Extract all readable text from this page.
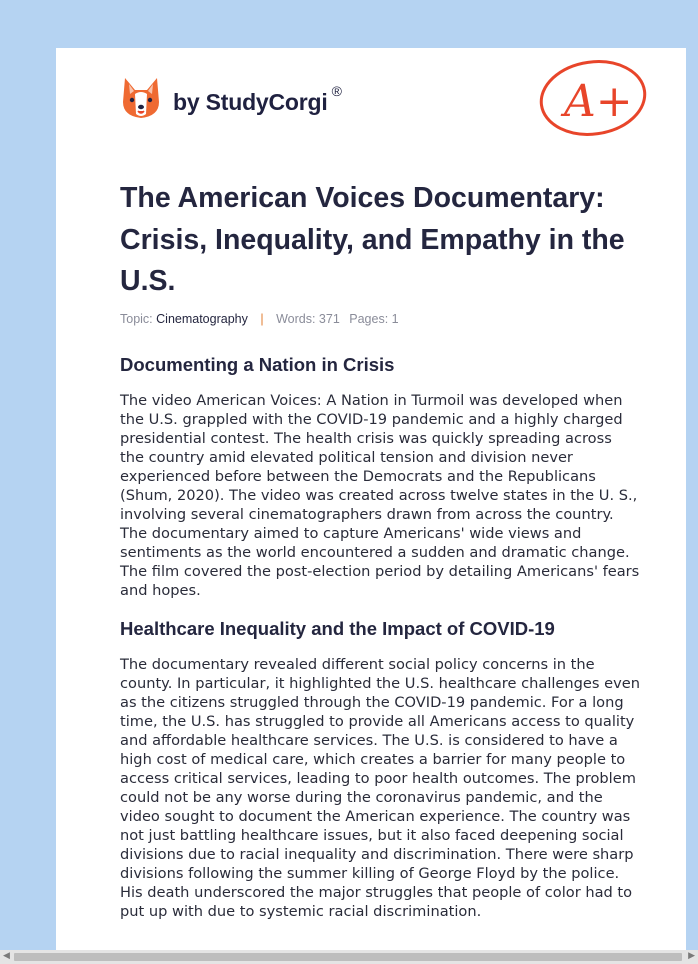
by StudyCorgi ®	A+
The American Voices Documentary: Crisis, Inequality, and Empathy in the U.S.
Topic: Cinematography | Words: 371 Pages: 1
Documenting a Nation in Crisis

The video American Voices: A Nation in Turmoil was developed when the U.S. grappled with the COVID-19 pandemic and a highly charged presidential contest. The health crisis was quickly spreading across the country amid elevated political tension and division never experienced before between the Democrats and the Republicans (Shum, 2020). The video was created across twelve states in the U. S., involving several cinematographers drawn from across the country. The documentary aimed to capture Americans' wide views and sentiments as the world encountered a sudden and dramatic change. The film covered the post-election period by detailing Americans' fears and hopes.

Healthcare Inequality and the Impact of COVID-19

The documentary revealed different social policy concerns in the county. In particular, it highlighted the U.S. healthcare challenges even as the citizens struggled through the COVID-19 pandemic. For a long time, the U.S. has struggled to provide all Americans access to quality and affordable healthcare services. The U.S. is considered to have a high cost of medical care, which creates a barrier for many people to access critical services, leading to poor health outcomes. The problem could not be any worse during the coronavirus pandemic, and the video sought to document the American experience. The country was not just battling healthcare issues, but it also faced deepening social divisions due to racial inequality and discrimination. There were sharp divisions following the summer killing of George Floyd by the police. His death underscored the major struggles that people of color had to put up with due to systemic racial discrimination.

◀	▶
